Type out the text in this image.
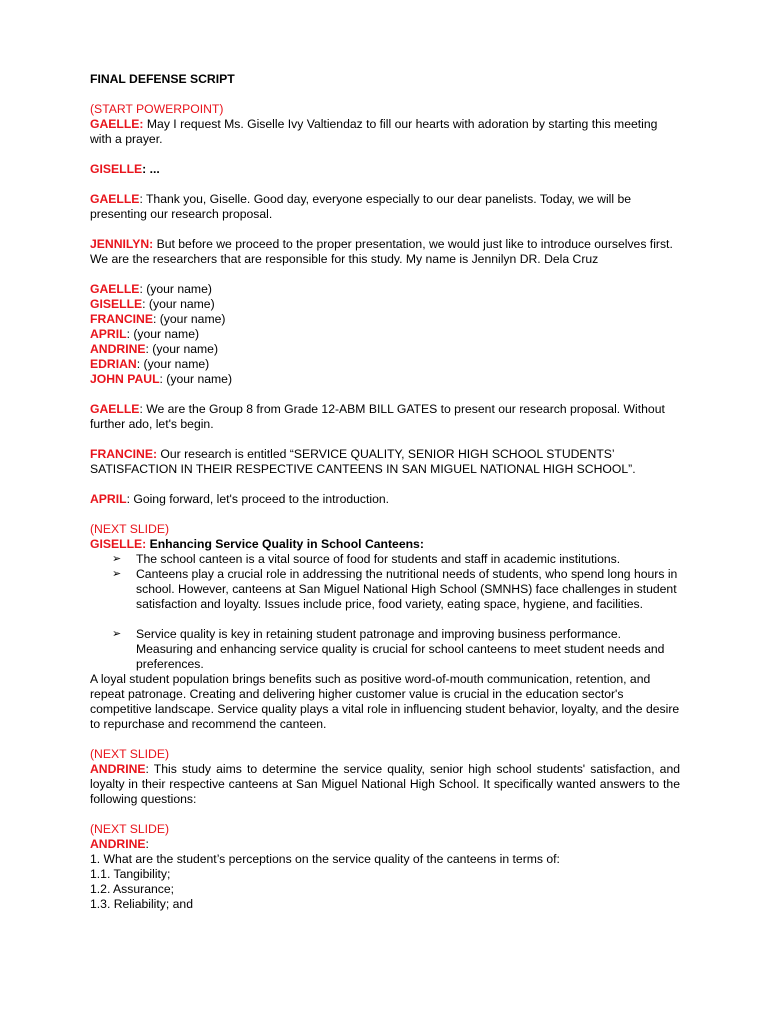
FINAL DEFENSE SCRIPT
(START POWERPOINT)
GAELLE: May I request Ms. Giselle Ivy Valtiendaz to fill our hearts with adoration by starting this meeting with a prayer.
GISELLE: ...
GAELLE: Thank you, Giselle. Good day, everyone especially to our dear panelists. Today, we will be presenting our research proposal.
JENNILYN: But before we proceed to the proper presentation, we would just like to introduce ourselves first. We are the researchers that are responsible for this study. My name is Jennilyn DR. Dela Cruz
GAELLE: (your name)
GISELLE: (your name)
FRANCINE: (your name)
APRIL: (your name)
ANDRINE: (your name)
EDRIAN: (your name)
JOHN PAUL: (your name)
GAELLE: We are the Group 8 from Grade 12-ABM BILL GATES to present our research proposal. Without further ado, let's begin.
FRANCINE: Our research is entitled “SERVICE QUALITY, SENIOR HIGH SCHOOL STUDENTS’ SATISFACTION IN THEIR RESPECTIVE CANTEENS IN SAN MIGUEL NATIONAL HIGH SCHOOL”.
APRIL: Going forward, let's proceed to the introduction.
(NEXT SLIDE)
GISELLE: Enhancing Service Quality in School Canteens:
➢ The school canteen is a vital source of food for students and staff in academic institutions.
➢ Canteens play a crucial role in addressing the nutritional needs of students, who spend long hours in school. However, canteens at San Miguel National High School (SMNHS) face challenges in student satisfaction and loyalty. Issues include price, food variety, eating space, hygiene, and facilities.
➢ Service quality is key in retaining student patronage and improving business performance. Measuring and enhancing service quality is crucial for school canteens to meet student needs and preferences.
A loyal student population brings benefits such as positive word-of-mouth communication, retention, and repeat patronage. Creating and delivering higher customer value is crucial in the education sector's competitive landscape. Service quality plays a vital role in influencing student behavior, loyalty, and the desire to repurchase and recommend the canteen.
(NEXT SLIDE)
ANDRINE: This study aims to determine the service quality, senior high school students' satisfaction, and loyalty in their respective canteens at San Miguel National High School. It specifically wanted answers to the following questions:
(NEXT SLIDE)
ANDRINE:
1. What are the student’s perceptions on the service quality of the canteens in terms of:
1.1. Tangibility;
1.2. Assurance;
1.3. Reliability; and
